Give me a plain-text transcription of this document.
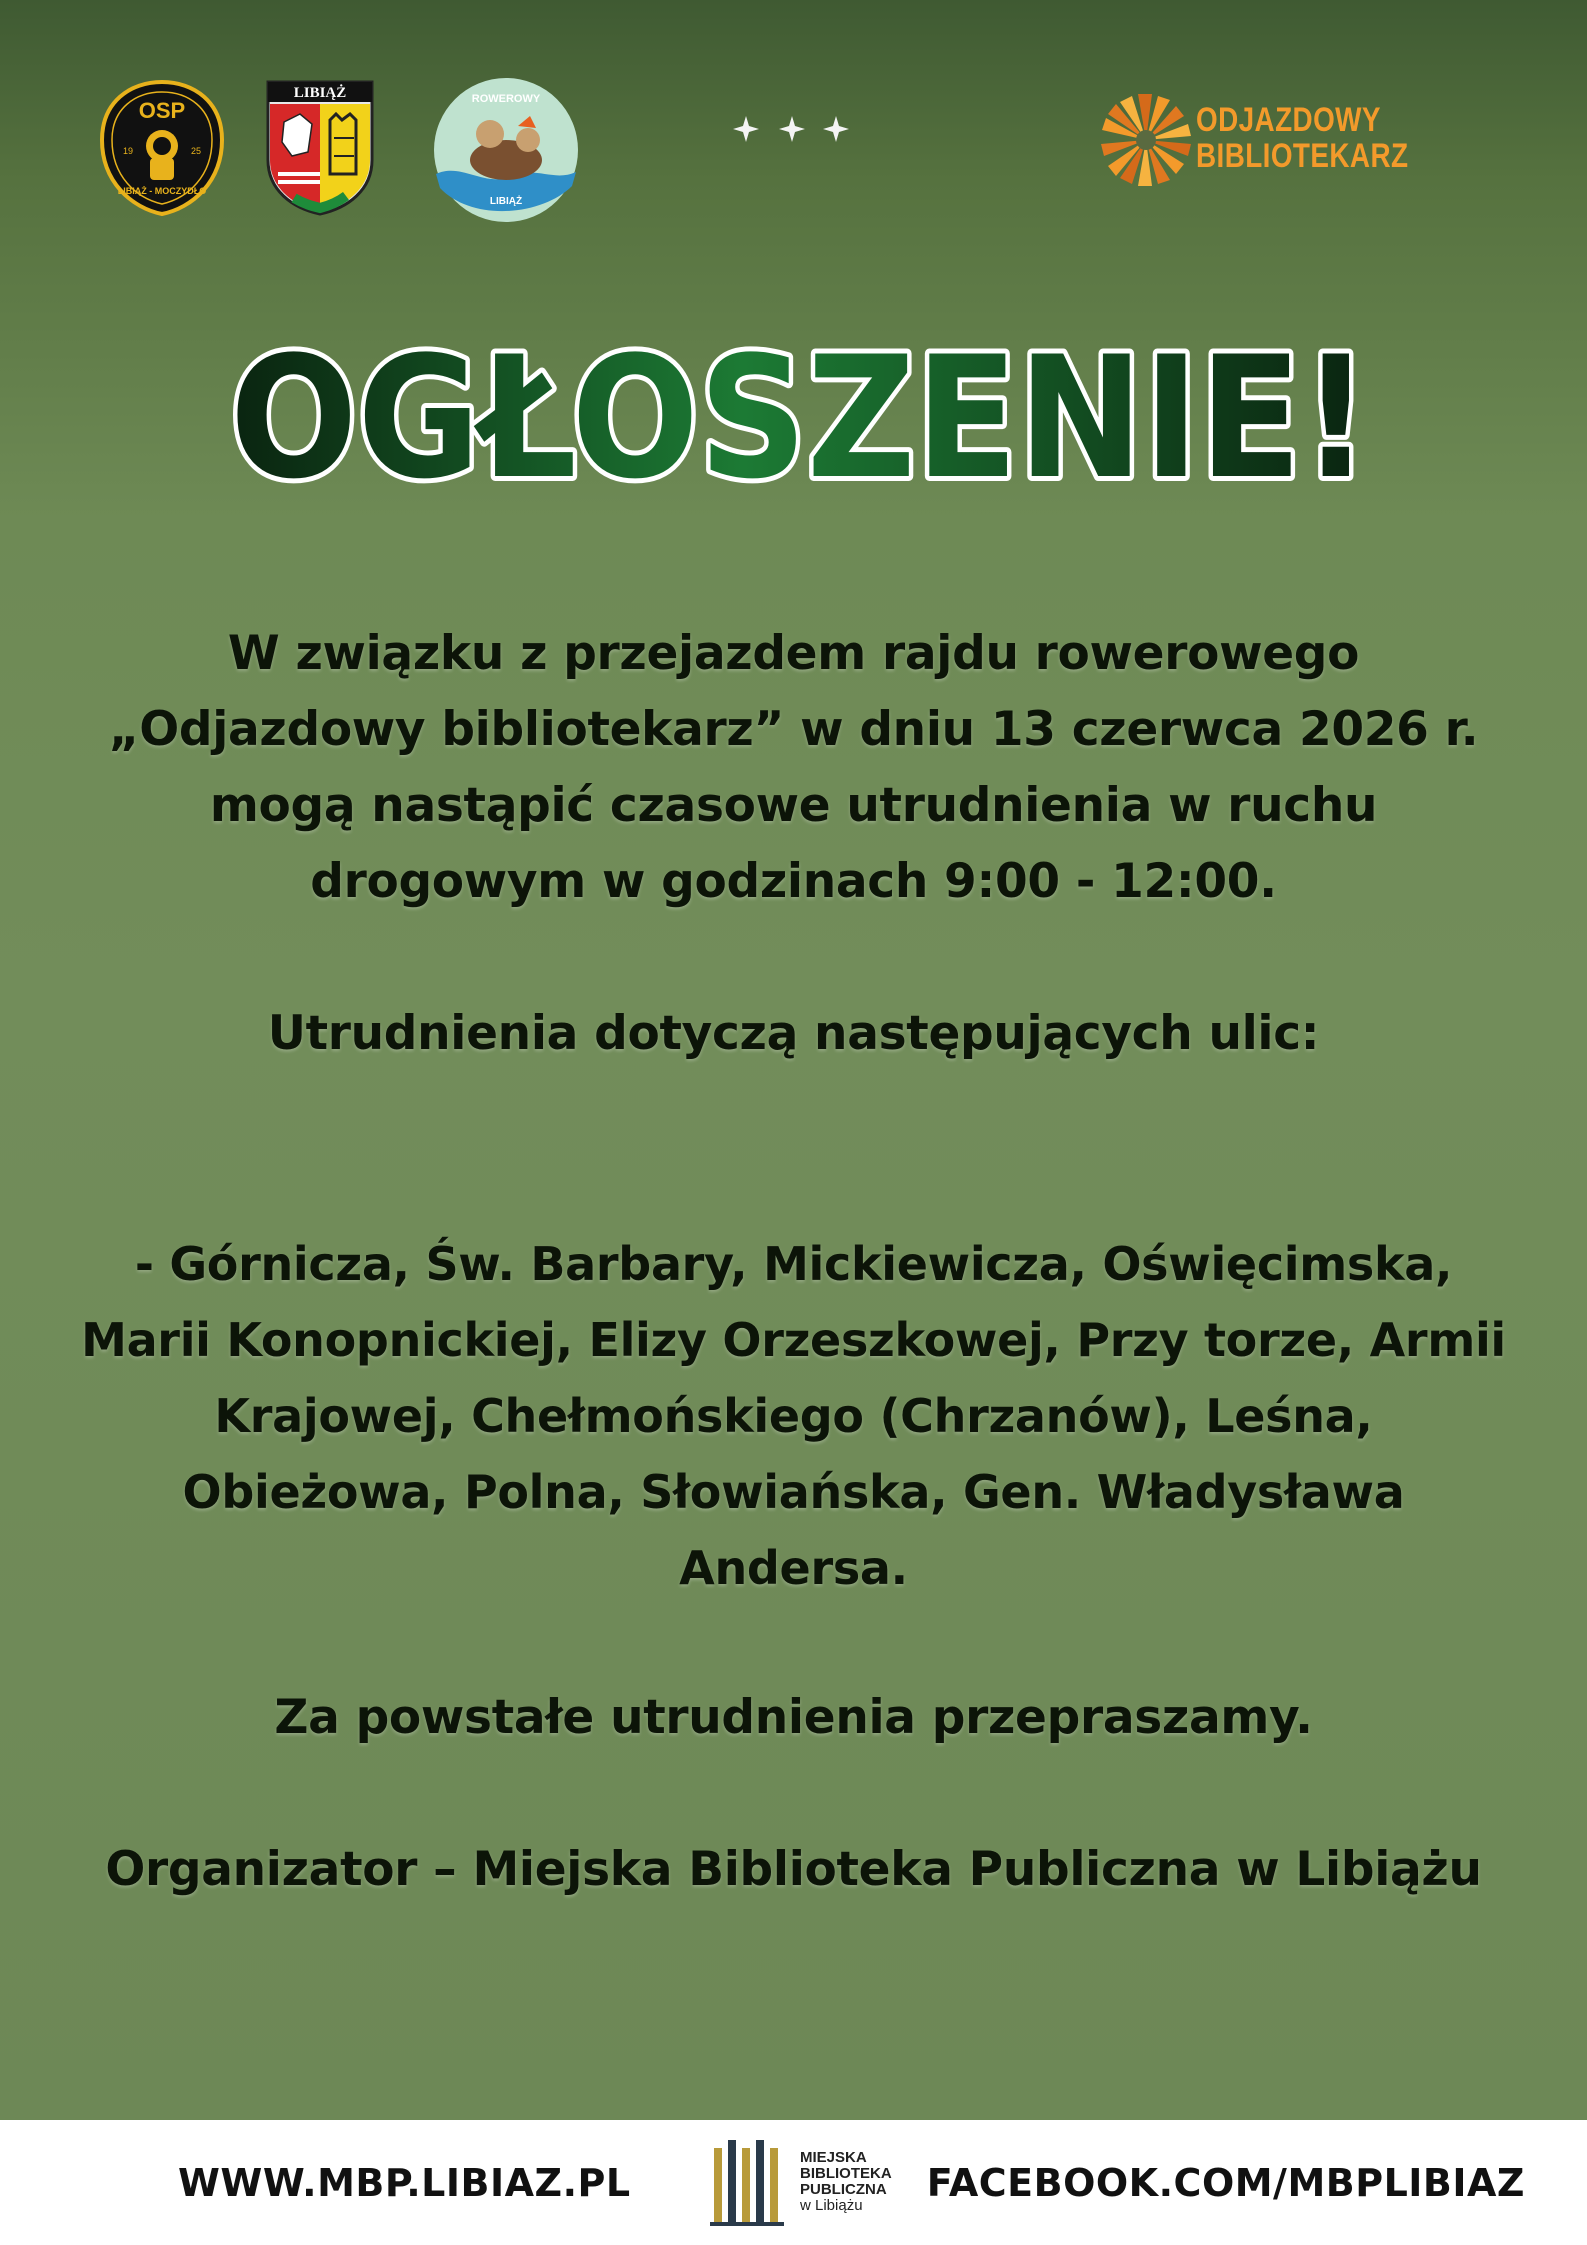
OSP
19	25
LIBIĄŻ - MOCZYDŁO
LIBIĄŻ	ROWEROWY
LIBIĄŻ
ODJAZDOWY
BIBLIOTEKARZ
OGŁOSZENIE!
W związku z przejazdem rajdu rowerowego
„Odjazdowy bibliotekarz” w dniu 13 czerwca 2026 r.
mogą nastąpić czasowe utrudnienia w ruchu
drogowym w godzinach 9:00 - 12:00.
Utrudnienia dotyczą następujących ulic:
- Górnicza, Św. Barbary, Mickiewicza, Oświęcimska,
Marii Konopnickiej, Elizy Orzeszkowej, Przy torze, Armii
Krajowej, Chełmońskiego (Chrzanów), Leśna,
Obieżowa, Polna, Słowiańska, Gen. Władysława
Andersa.
Za powstałe utrudnienia przepraszamy.
Organizator – Miejska Biblioteka Publiczna w Libiążu
WWW.MBP.LIBIAZ.PL
MIEJSKA
BIBLIOTEKA
PUBLICZNA
w Libiążu
FACEBOOK.COM/MBPLIBIAZ
